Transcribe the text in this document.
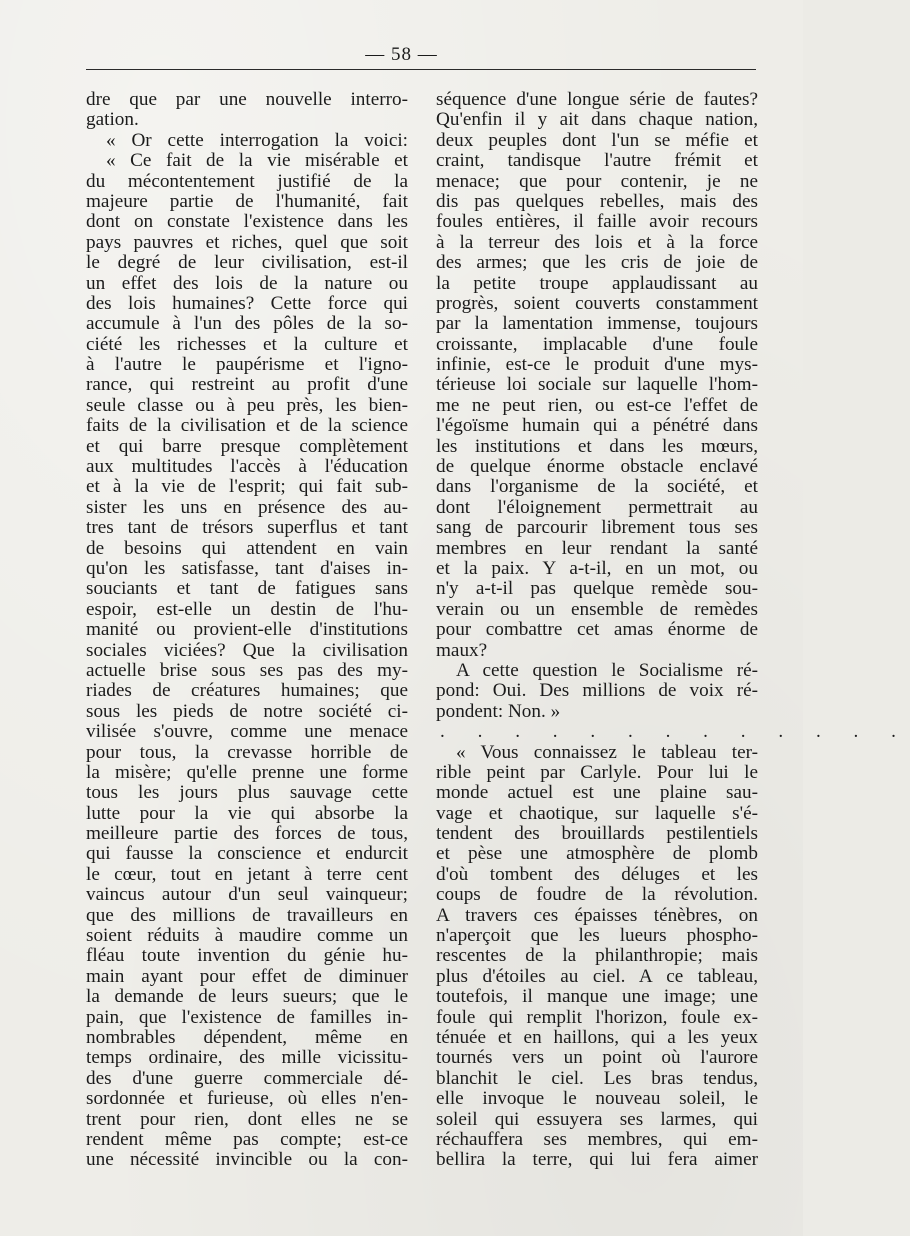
— 58 —
dre que par une nouvelle interro-
gation.
« Or cette interrogation la voici:
« Ce fait de la vie misérable et
du mécontentement justifié de la
majeure partie de l'humanité, fait
dont on constate l'existence dans les
pays pauvres et riches, quel que soit
le degré de leur civilisation, est-il
un effet des lois de la nature ou
des lois humaines? Cette force qui
accumule à l'un des pôles de la so-
ciété les richesses et la culture et
à l'autre le paupérisme et l'igno-
rance, qui restreint au profit d'une
seule classe ou à peu près, les bien-
faits de la civilisation et de la science
et qui barre presque complètement
aux multitudes l'accès à l'éducation
et à la vie de l'esprit; qui fait sub-
sister les uns en présence des au-
tres tant de trésors superflus et tant
de besoins qui attendent en vain
qu'on les satisfasse, tant d'aises in-
souciants et tant de fatigues sans
espoir, est-elle un destin de l'hu-
manité ou provient-elle d'institutions
sociales viciées? Que la civilisation
actuelle brise sous ses pas des my-
riades de créatures humaines; que
sous les pieds de notre société ci-
vilisée s'ouvre, comme une menace
pour tous, la crevasse horrible de
la misère; qu'elle prenne une forme
tous les jours plus sauvage cette
lutte pour la vie qui absorbe la
meilleure partie des forces de tous,
qui fausse la conscience et endurcit
le cœur, tout en jetant à terre cent
vaincus autour d'un seul vainqueur;
que des millions de travailleurs en
soient réduits à maudire comme un
fléau toute invention du génie hu-
main ayant pour effet de diminuer
la demande de leurs sueurs; que le
pain, que l'existence de familles in-
nombrables dépendent, même en
temps ordinaire, des mille vicissitu-
des d'une guerre commerciale dé-
sordonnée et furieuse, où elles n'en-
trent pour rien, dont elles ne se
rendent même pas compte; est-ce
une nécessité invincible ou la con-
séquence d'une longue série de fautes?
Qu'enfin il y ait dans chaque nation,
deux peuples dont l'un se méfie et
craint, tandisque l'autre frémit et
menace; que pour contenir, je ne
dis pas quelques rebelles, mais des
foules entières, il faille avoir recours
à la terreur des lois et à la force
des armes; que les cris de joie de
la petite troupe applaudissant au
progrès, soient couverts constamment
par la lamentation immense, toujours
croissante, implacable d'une foule
infinie, est-ce le produit d'une mys-
térieuse loi sociale sur laquelle l'hom-
me ne peut rien, ou est-ce l'effet de
l'égoïsme humain qui a pénétré dans
les institutions et dans les mœurs,
de quelque énorme obstacle enclavé
dans l'organisme de la société, et
dont l'éloignement permettrait au
sang de parcourir librement tous ses
membres en leur rendant la santé
et la paix. Y a-t-il, en un mot, ou
n'y a-t-il pas quelque remède sou-
verain ou un ensemble de remèdes
pour combattre cet amas énorme de
maux?
A cette question le Socialisme ré-
pond: Oui. Des millions de voix ré-
pondent: Non. »
. . . . . . . . . . . . .
« Vous connaissez le tableau ter-
rible peint par Carlyle. Pour lui le
monde actuel est une plaine sau-
vage et chaotique, sur laquelle s'é-
tendent des brouillards pestilentiels
et pèse une atmosphère de plomb
d'où tombent des déluges et les
coups de foudre de la révolution.
A travers ces épaisses ténèbres, on
n'aperçoit que les lueurs phospho-
rescentes de la philanthropie; mais
plus d'étoiles au ciel. A ce tableau,
toutefois, il manque une image; une
foule qui remplit l'horizon, foule ex-
ténuée et en haillons, qui a les yeux
tournés vers un point où l'aurore
blanchit le ciel. Les bras tendus,
elle invoque le nouveau soleil, le
soleil qui essuyera ses larmes, qui
réchauffera ses membres, qui em-
bellira la terre, qui lui fera aimer
